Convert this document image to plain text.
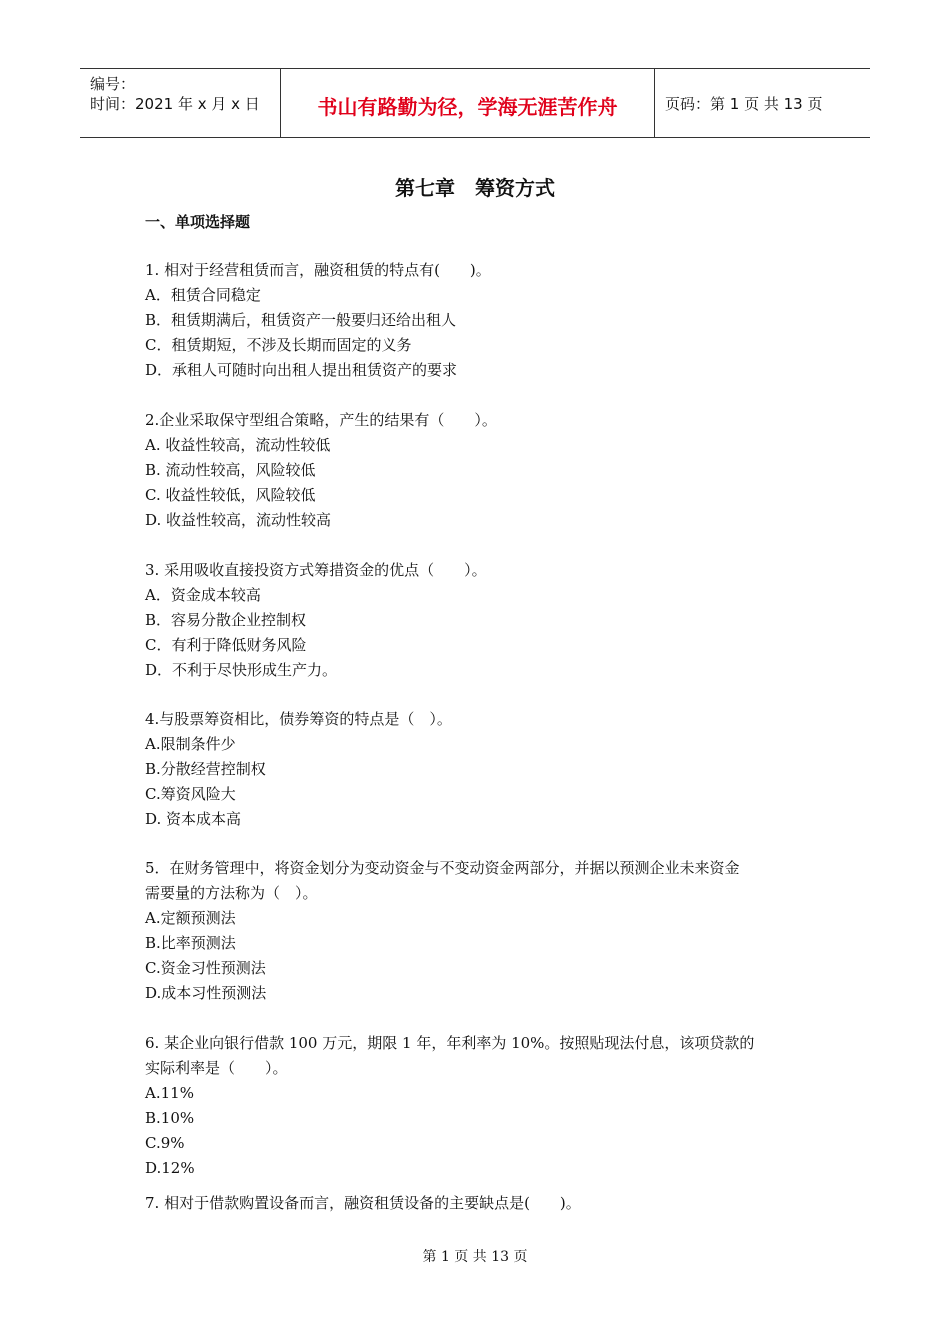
编号：
时间：2021 年 x 月 x 日	书山有路勤为径，学海无涯苦作舟	页码：第 1 页 共 13 页
第七章　筹资方式
一、单项选择题
1. 相对于经营租赁而言，融资租赁的特点有(　　)。
A．租赁合同稳定
B．租赁期满后，租赁资产一般要归还给出租人
C．租赁期短，不涉及长期而固定的义务
D．承租人可随时向出租人提出租赁资产的要求
2.企业采取保守型组合策略，产生的结果有（　　）。
A. 收益性较高，流动性较低
B. 流动性较高，风险较低
C. 收益性较低，风险较低
D. 收益性较高，流动性较高
3. 采用吸收直接投资方式筹措资金的优点（　　）。
A．资金成本较高
B．容易分散企业控制权
C．有利于降低财务风险
D．不利于尽快形成生产力。
4.与股票筹资相比，债券筹资的特点是（　）。
A.限制条件少
B.分散经营控制权
C.筹资风险大
D. 资本成本高
5．在财务管理中，将资金划分为变动资金与不变动资金两部分，并据以预测企业未来资金
需要量的方法称为（　）。
A.定额预测法
B.比率预测法
C.资金习性预测法
D.成本习性预测法
6. 某企业向银行借款 100 万元，期限 1 年，年利率为 10%。按照贴现法付息，该项贷款的
实际利率是（　　）。
A.11%
B.10%
C.9%
D.12%
7. 相对于借款购置设备而言，融资租赁设备的主要缺点是(　　)。
第 1 页 共 13 页
